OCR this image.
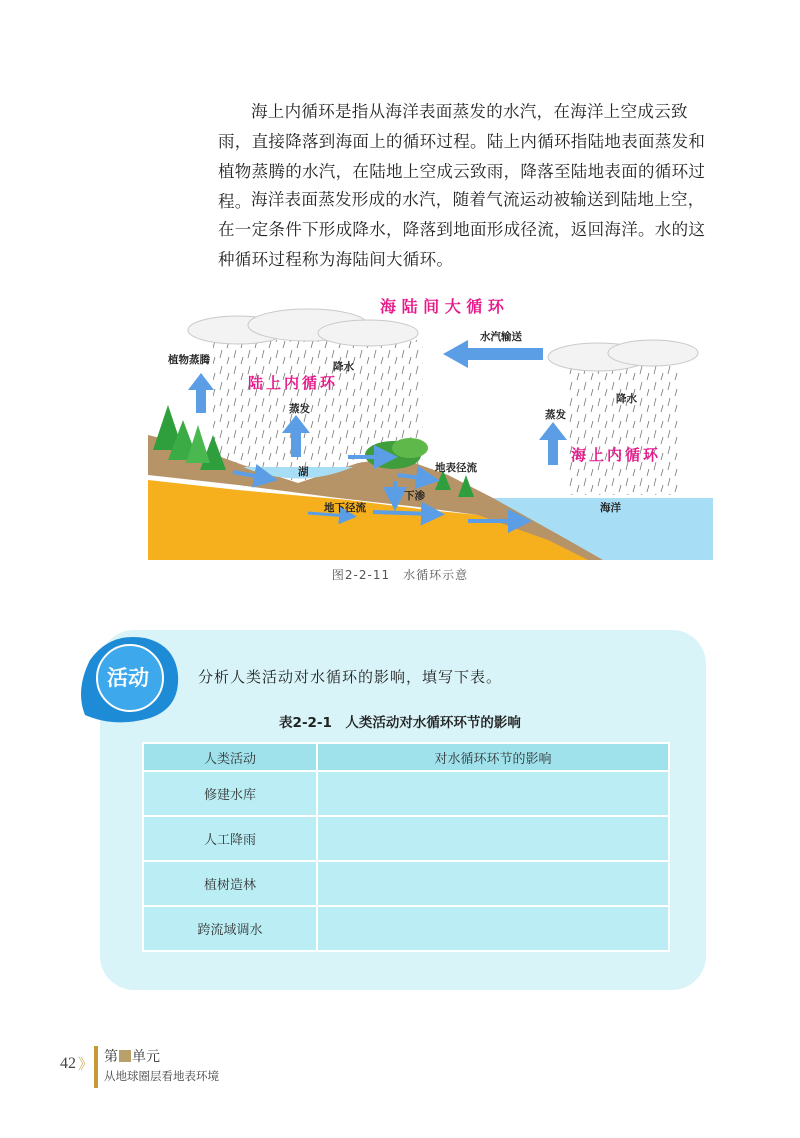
海上内循环是指从海洋表面蒸发的水汽，在海洋上空成云致雨，直接降落到海面上的循环过程。陆上内循环指陆地表面蒸发和植物蒸腾的水汽，在陆地上空成云致雨，降落至陆地表面的循环过程。 海洋表面蒸发形成的水汽，随着气流运动被输送到陆地上空，在一定条件下形成降水，降落到地面形成径流，返回海洋。水的这种循环过程称为海陆间大循环。

海 陆 间 大 循 环
陆上内循环
海上内循环
植物蒸腾
降水
蒸发
水汽输送
降水
蒸发
湖	地表径流
下渗
地下径流	海洋
图2-2-11　水循环示意
活动	分析人类活动对水循环的影响，填写下表。
表2-2-1　人类活动对水循环环节的影响
人类活动	对水循环环节的影响
修建水库	
人工降雨	
植树造林	
跨流域调水	
42 》 第 单元
从地球圈层看地表环境
